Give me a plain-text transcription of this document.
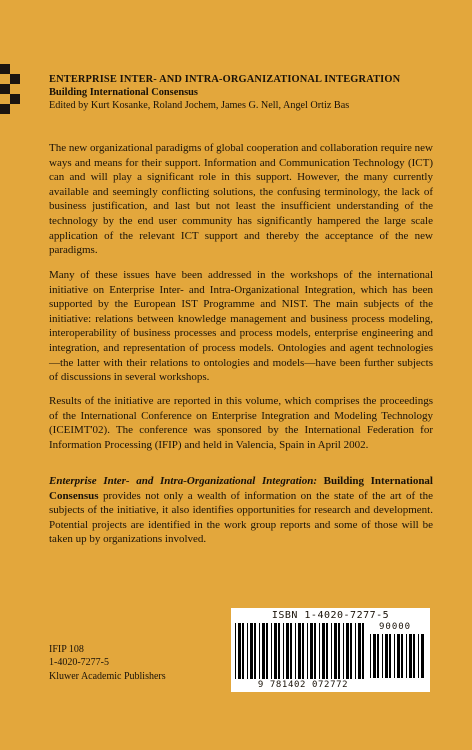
ENTERPRISE INTER- AND INTRA-ORGANIZATIONAL INTEGRATION
Building International Consensus
Edited by Kurt Kosanke, Roland Jochem, James G. Nell, Angel Ortiz Bas

The new organizational paradigms of global cooperation and collaboration require new ways and means for their support. Information and Communication Technology (ICT) can and will play a significant role in this support. However, the many currently available and seemingly conflicting solutions, the confusing terminology, the lack of business justification, and last but not least the insufficient understanding of the technology by the end user community has significantly hampered the large scale application of the relevant ICT support and thereby the acceptance of the new paradigms.

Many of these issues have been addressed in the workshops of the international initiative on Enterprise Inter- and Intra-Organizational Integration, which has been supported by the European IST Programme and NIST. The main subjects of the initiative: relations between knowledge management and business process modeling, interoperability of business processes and process models, enterprise engineering and integration, and representation of process models. Ontologies and agent technologies—the latter with their relations to ontologies and models—have been further subjects of discussions in several workshops.

Results of the initiative are reported in this volume, which comprises the proceedings of the International Conference on Enterprise Integration and Modeling Technology (ICEIMT'02). The conference was sponsored by the International Federation for Information Processing (IFIP) and held in Valencia, Spain in April 2002.

Enterprise Inter- and Intra-Organizational Integration: Building International Consensus provides not only a wealth of information on the state of the art of the subjects of the initiative, it also identifies opportunities for research and development. Potential projects are identified in the work group reports and some of those will be taken up by organizations involved.

IFIP 108
1-4020-7277-5
Kluwer Academic Publishers
ISBN 1-4020-7277-5
90000
9 781402 072772
